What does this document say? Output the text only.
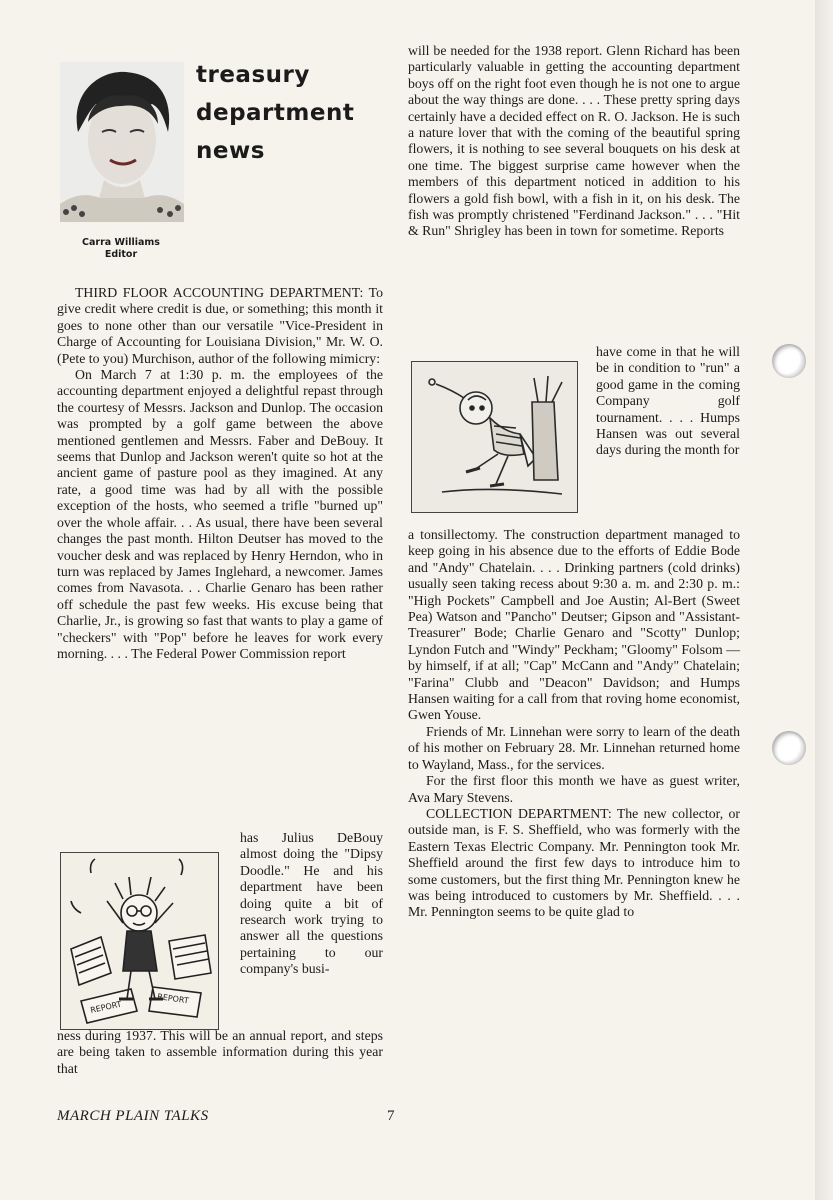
treasury
department
news
Carra Williams
Editor

THIRD FLOOR ACCOUNTING DEPARTMENT: To give credit where credit is due, or something; this month it goes to none other than our versatile "Vice-President in Charge of Accounting for Louisiana Division," Mr. W. O. (Pete to you) Murchison, author of the following mimicry:

On March 7 at 1:30 p. m. the employees of the accounting department enjoyed a delightful repast through the courtesy of Messrs. Jackson and Dunlop. The occasion was prompted by a golf game between the above mentioned gentlemen and Messrs. Faber and DeBouy. It seems that Dunlop and Jackson weren't quite so hot at the ancient game of pasture pool as they imagined. At any rate, a good time was had by all with the possible exception of the hosts, who seemed a trifle "burned up" over the whole affair. . . As usual, there have been several changes the past month. Hilton Deutser has moved to the voucher desk and was replaced by Henry Herndon, who in turn was replaced by James Inglehard, a newcomer. James comes from Navasota. . . Charlie Genaro has been rather off schedule the past few weeks. His excuse being that Charlie, Jr., is growing so fast that wants to play a game of "checkers" with "Pop" before he leaves for work every morning. . . . The Federal Power Commission report

REPORT
REPORT

has Julius DeBouy almost doing the "Dipsy Doodle." He and his department have been doing quite a bit of research work trying to answer all the questions pertaining to our company's busi-

ness during 1937. This will be an annual report, and steps are being taken to assemble information during this year that

will be needed for the 1938 report. Glenn Richard has been particularly valuable in getting the accounting department boys off on the right foot even though he is not one to argue about the way things are done. . . . These pretty spring days certainly have a decided effect on R. O. Jackson. He is such a nature lover that with the coming of the beautiful spring flowers, it is nothing to see several bouquets on his desk at one time. The biggest surprise came however when the members of this department noticed in addition to his flowers a gold fish bowl, with a fish in it, on his desk. The fish was promptly christened "Ferdinand Jackson." . . . "Hit & Run" Shrigley has been in town for sometime. Reports

have come in that he will be in condition to "run" a good game in the coming Company golf tournament. . . . Humps Hansen was out several days during the month for

a tonsillectomy. The construction department managed to keep going in his absence due to the efforts of Eddie Bode and "Andy" Chatelain. . . . Drinking partners (cold drinks) usually seen taking recess about 9:30 a. m. and 2:30 p. m.: "High Pockets" Campbell and Joe Austin; Al-Bert (Sweet Pea) Watson and "Pancho" Deutser; Gipson and "Assistant-Treasurer" Bode; Charlie Genaro and "Scotty" Dunlop; Lyndon Futch and "Windy" Peckham; "Gloomy" Folsom — by himself, if at all; "Cap" McCann and "Andy" Chatelain; "Farina" Clubb and "Deacon" Davidson; and Humps Hansen waiting for a call from that roving home economist, Gwen Youse.

Friends of Mr. Linnehan were sorry to learn of the death of his mother on February 28. Mr. Linnehan returned home to Wayland, Mass., for the services.

For the first floor this month we have as guest writer, Ava Mary Stevens.

COLLECTION DEPARTMENT: The new collector, or outside man, is F. S. Sheffield, who was formerly with the Eastern Texas Electric Company. Mr. Pennington took Mr. Sheffield around the first few days to introduce him to some customers, but the first thing Mr. Pennington knew he was being introduced to customers by Mr. Sheffield. . . . Mr. Pennington seems to be quite glad to

MARCH PLAIN TALKS	7
